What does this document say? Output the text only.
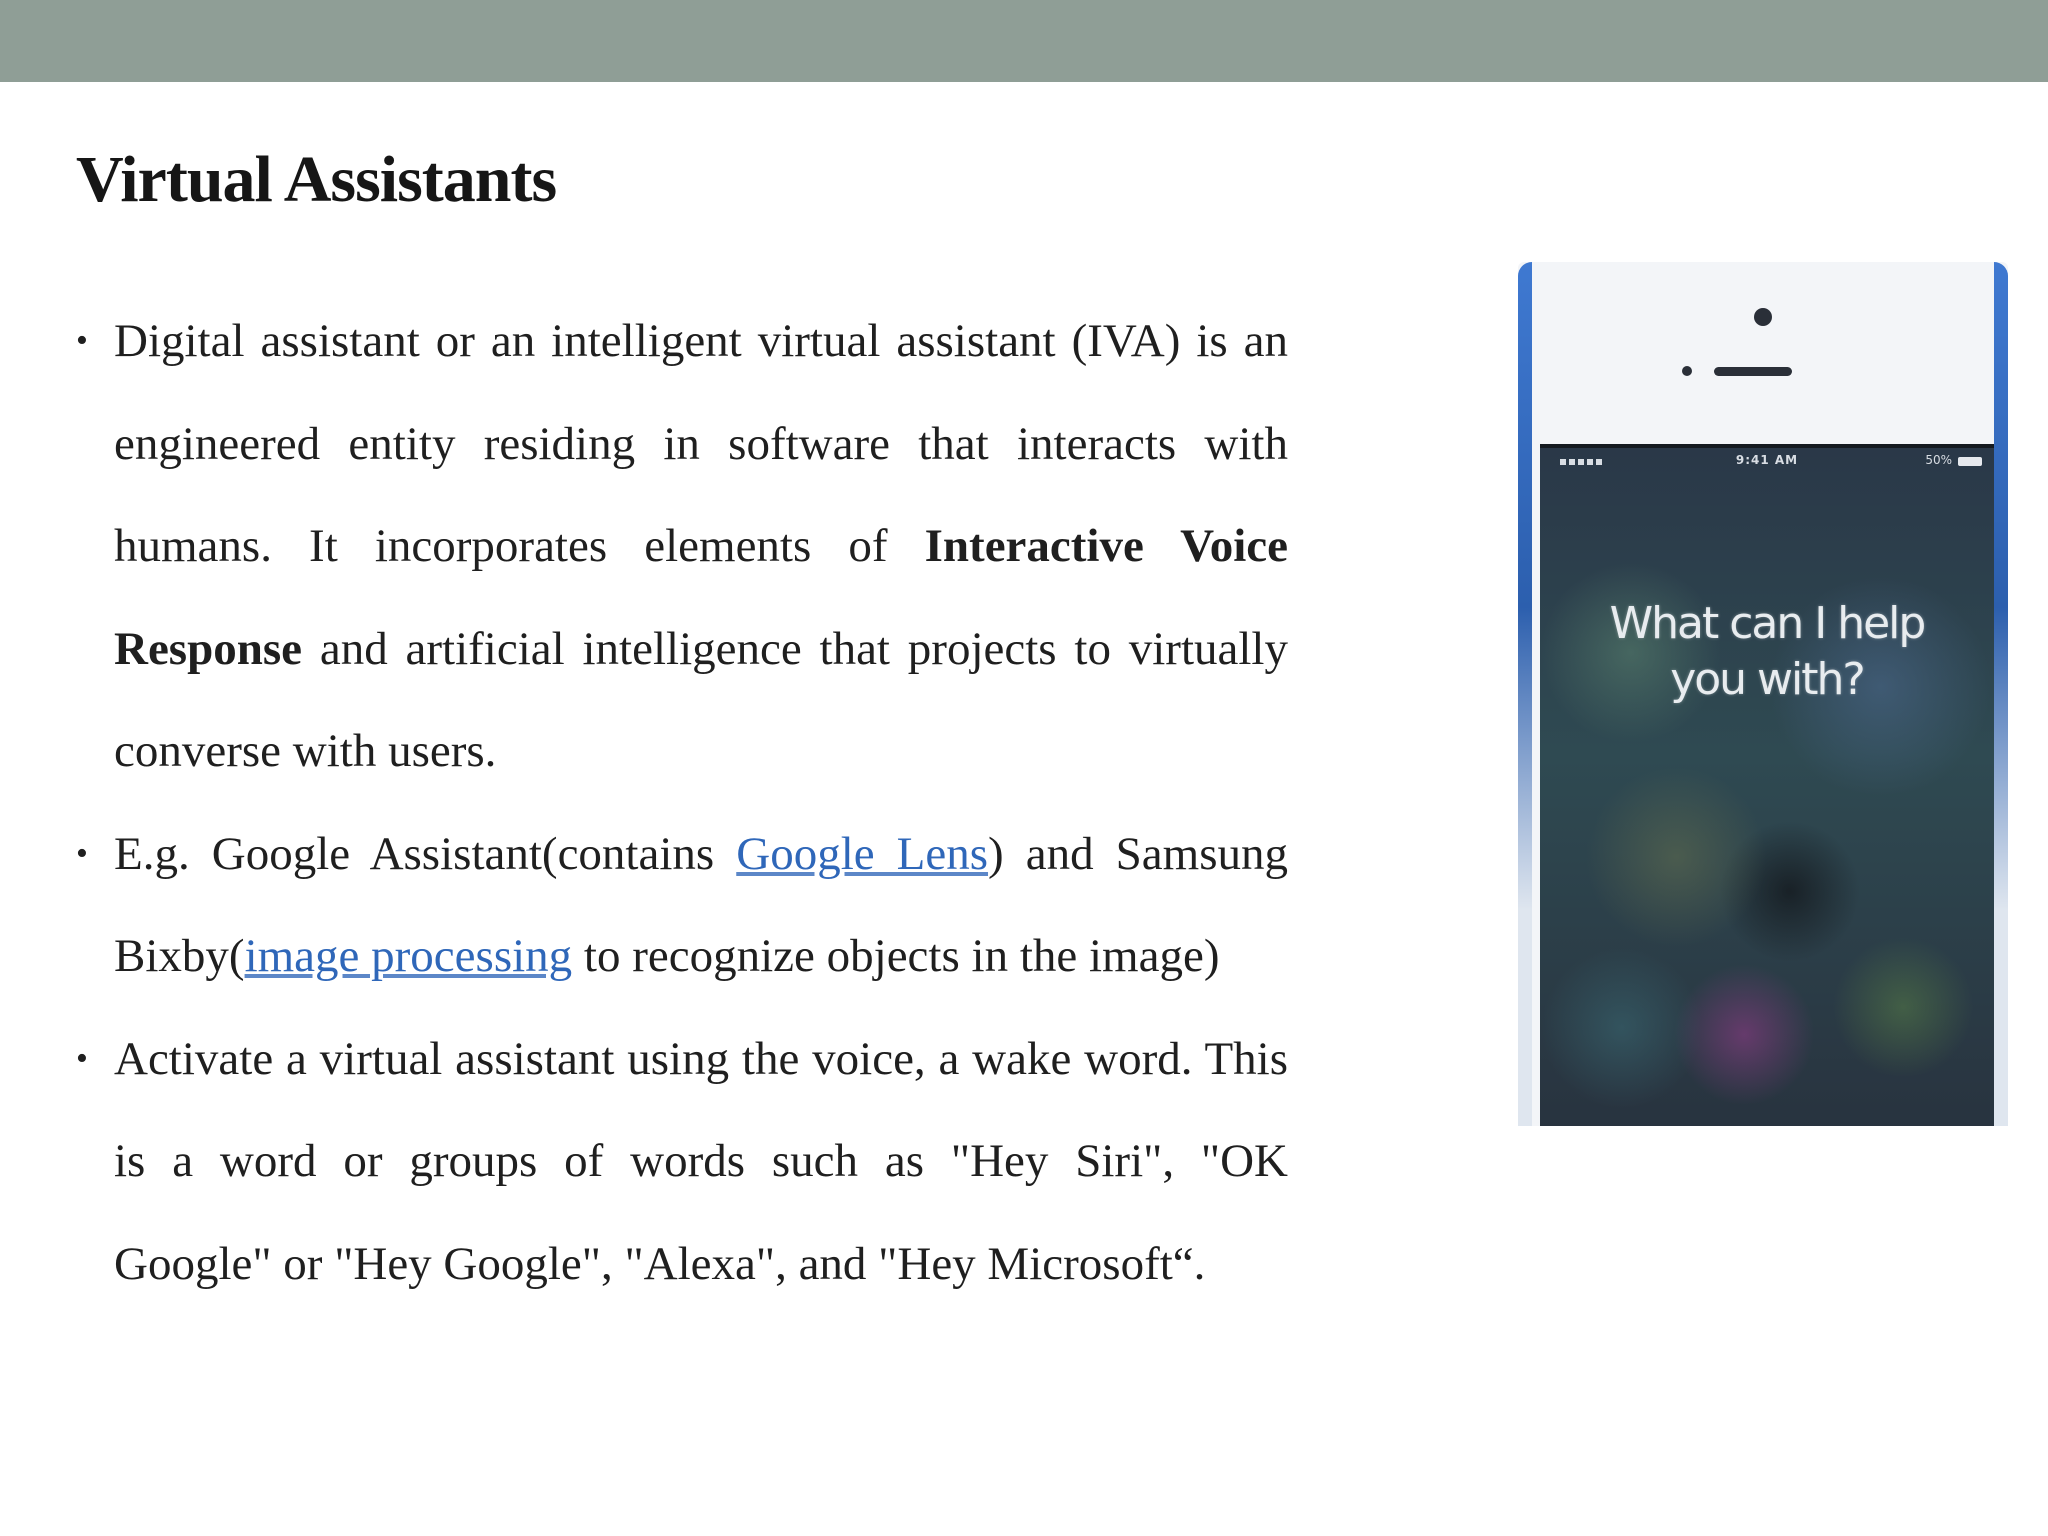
Virtual Assistants
• Digital assistant or an intelligent virtual assistant (IVA) is an engineered entity residing in software that interacts with humans. It incorporates elements of Interactive Voice Response and artificial intelligence that projects to virtually converse with users.
• E.g. Google Assistant(contains Google Lens) and Samsung Bixby(image processing to recognize objects in the image)
• Activate a virtual assistant using the voice, a wake word. This is a word or groups of words such as "Hey Siri", "OK Google" or "Hey Google", "Alexa", and "Hey Microsoft“.
9:41 AM	50%
What can I help you with?
